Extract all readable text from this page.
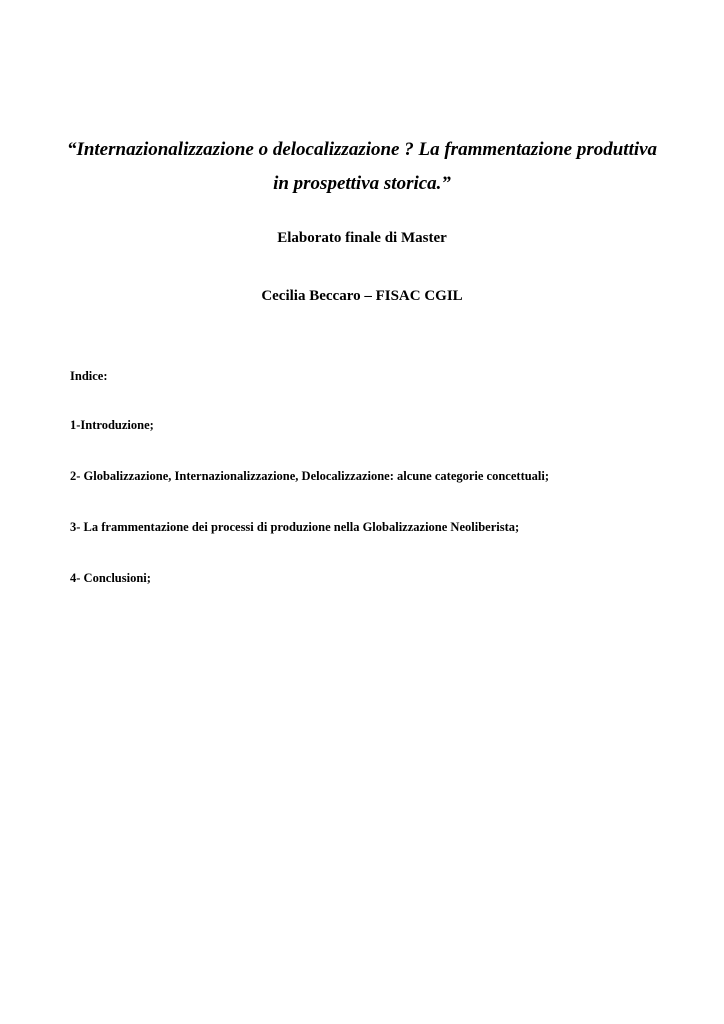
“Internazionalizzazione o delocalizzazione ? La frammentazione produttiva in prospettiva storica.”

Elaborato finale di Master

Cecilia Beccaro – FISAC CGIL

Indice:

1-Introduzione;

2- Globalizzazione, Internazionalizzazione, Delocalizzazione: alcune categorie concettuali;

3- La frammentazione dei processi di produzione nella Globalizzazione Neoliberista;

4- Conclusioni;
